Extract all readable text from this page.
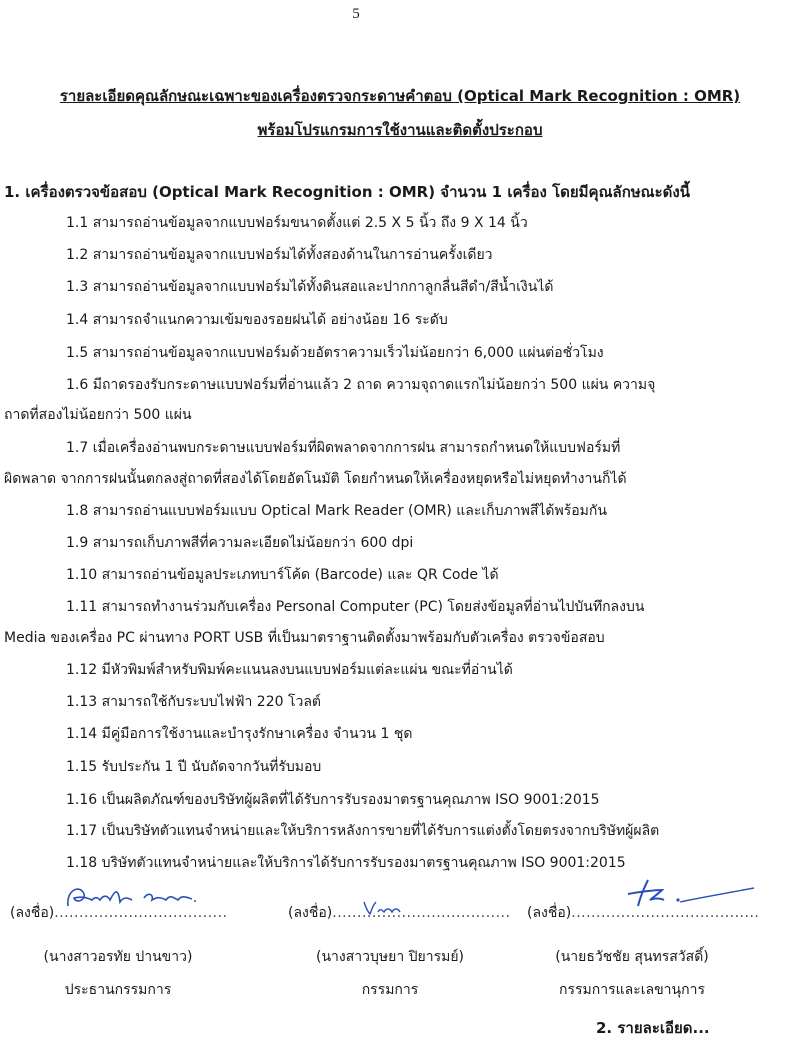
5
รายละเอียดคุณลักษณะเฉพาะของเครื่องตรวจกระดาษคำตอบ (Optical Mark Recognition : OMR)
พร้อมโปรแกรมการใช้งานและติดตั้งประกอบ
1. เครื่องตรวจข้อสอบ (Optical Mark Recognition : OMR) จำนวน 1 เครื่อง โดยมีคุณลักษณะดังนี้
1.1 สามารถอ่านข้อมูลจากแบบฟอร์มขนาดตั้งแต่ 2.5 X 5 นิ้ว ถึง 9 X 14 นิ้ว
1.2 สามารถอ่านข้อมูลจากแบบฟอร์มได้ทั้งสองด้านในการอ่านครั้งเดียว
1.3 สามารถอ่านข้อมูลจากแบบฟอร์มได้ทั้งดินสอและปากกาลูกลื่นสีดำ/สีน้ำเงินได้
1.4 สามารถจำแนกความเข้มของรอยฝนได้ อย่างน้อย 16 ระดับ
1.5 สามารถอ่านข้อมูลจากแบบฟอร์มด้วยอัตราความเร็วไม่น้อยกว่า 6,000 แผ่นต่อชั่วโมง
1.6 มีถาดรองรับกระดาษแบบฟอร์มที่อ่านแล้ว 2 ถาด ความจุถาดแรกไม่น้อยกว่า 500 แผ่น ความจุ
ถาดที่สองไม่น้อยกว่า 500 แผ่น
1.7 เมื่อเครื่องอ่านพบกระดาษแบบฟอร์มที่ผิดพลาดจากการฝน สามารถกำหนดให้แบบฟอร์มที่
ผิดพลาด จากการฝนนั้นตกลงสู่ถาดที่สองได้โดยอัตโนมัติ โดยกำหนดให้เครื่องหยุดหรือไม่หยุดทำงานก็ได้
1.8 สามารถอ่านแบบฟอร์มแบบ Optical Mark Reader (OMR) และเก็บภาพสีได้พร้อมกัน
1.9 สามารถเก็บภาพสีที่ความละเอียดไม่น้อยกว่า 600 dpi
1.10 สามารถอ่านข้อมูลประเภทบาร์โค้ด (Barcode) และ QR Code ได้
1.11 สามารถทำงานร่วมกับเครื่อง Personal Computer (PC) โดยส่งข้อมูลที่อ่านไปบันทึกลงบน
Media ของเครื่อง PC ผ่านทาง PORT USB ที่เป็นมาตราฐานติดตั้งมาพร้อมกับตัวเครื่อง ตรวจข้อสอบ
1.12 มีหัวพิมพ์สำหรับพิมพ์คะแนนลงบนแบบฟอร์มแต่ละแผ่น ขณะที่อ่านได้
1.13 สามารถใช้กับระบบไฟฟ้า 220 โวลต์
1.14 มีคู่มือการใช้งานและบำรุงรักษาเครื่อง จำนวน 1 ชุด
1.15 รับประกัน 1 ปี นับถัดจากวันที่รับมอบ
1.16 เป็นผลิตภัณฑ์ของบริษัทผู้ผลิตที่ได้รับการรับรองมาตรฐานคุณภาพ ISO 9001:2015
1.17 เป็นบริษัทตัวแทนจำหน่ายและให้บริการหลังการขายที่ได้รับการแต่งตั้งโดยตรงจากบริษัทผู้ผลิต
1.18 บริษัทตัวแทนจำหน่ายและให้บริการได้รับการรับรองมาตรฐานคุณภาพ ISO 9001:2015
(ลงชื่อ)...................................
(นางสาวอรทัย ปานขาว)
ประธานกรรมการ
(ลงชื่อ)....................................
(นางสาวบุษยา ปิยารมย์)
กรรมการ
(ลงชื่อ)......................................
(นายธวัชชัย สุนทรสวัสดิ์)
กรรมการและเลขานุการ
2. รายละเอียด...
